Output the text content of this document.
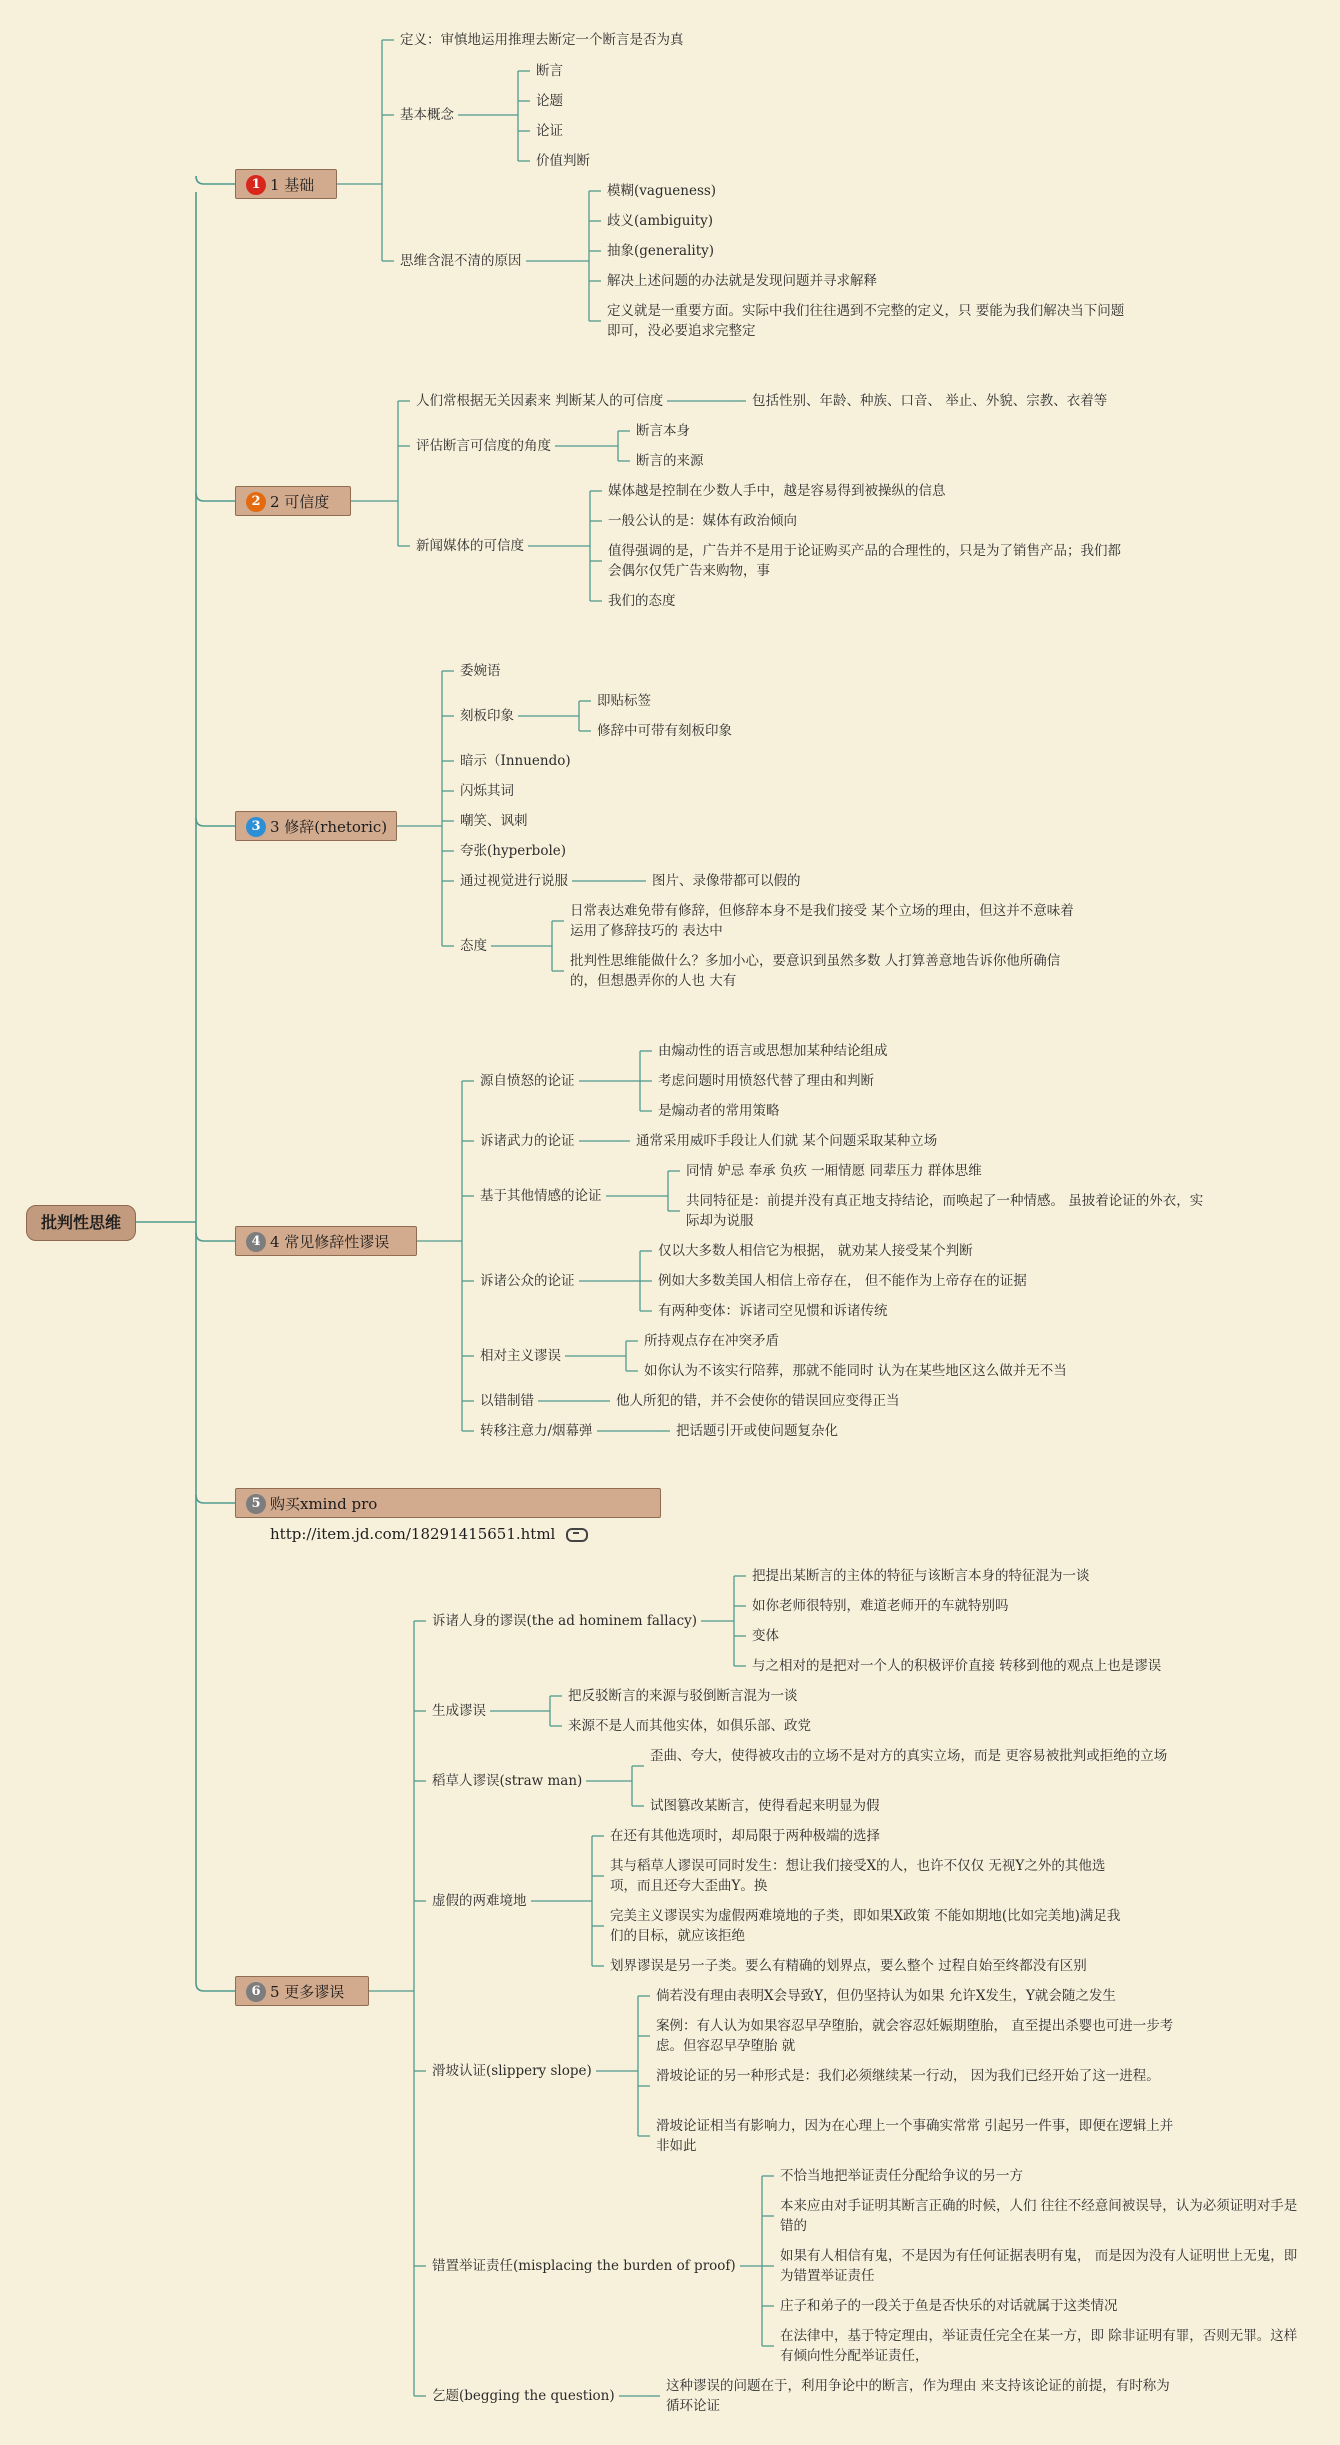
批判性思维
1 1 基础
2 2 可信度
3 3 修辞(rhetoric)
4 4 常见修辞性谬误
5 购买xmind pro http://item.jd.com/18291415651.html
6 5 更多谬误
定义：审慎地运用推理去断定一个断言是否为真
基本概念
断言
论题
论证
价值判断
思维含混不清的原因
模糊(vagueness)
歧义(ambiguity)
抽象(generality)
解决上述问题的办法就是发现问题并寻求解释
定义就是一重要方面。实际中我们往往遇到不完整的定义，只 要能为我们解决当下问题即可，没必要追求完整定
人们常根据无关因素来 判断某人的可信度	包括性别、年龄、种族、口音、 举止、外貌、宗教、衣着等
评估断言可信度的角度
断言本身
断言的来源
新闻媒体的可信度
媒体越是控制在少数人手中，越是容易得到被操纵的信息
一般公认的是：媒体有政治倾向
值得强调的是，广告并不是用于论证购买产品的合理性的，只是为了销售产品；我们都会偶尔仅凭广告来购物，事
我们的态度
委婉语
刻板印象
即贴标签
修辞中可带有刻板印象
暗示（Innuendo)
闪烁其词
嘲笑、讽刺
夸张(hyperbole)
通过视觉进行说服	图片、录像带都可以假的
态度
日常表达难免带有修辞，但修辞本身不是我们接受 某个立场的理由，但这并不意味着运用了修辞技巧的 表达中
批判性思维能做什么？多加小心，要意识到虽然多数 人打算善意地告诉你他所确信的，但想愚弄你的人也 大有
源自愤怒的论证
由煽动性的语言或思想加某种结论组成
考虑问题时用愤怒代替了理由和判断
是煽动者的常用策略
诉诸武力的论证	通常采用威吓手段让人们就 某个问题采取某种立场
基于其他情感的论证
同情 妒忌 奉承 负疚 一厢情愿 同辈压力 群体思维
共同特征是：前提并没有真正地支持结论，而唤起了一种情感。 虽披着论证的外衣，实际却为说服
诉诸公众的论证
仅以大多数人相信它为根据， 就劝某人接受某个判断
例如大多数美国人相信上帝存在， 但不能作为上帝存在的证据
有两种变体：诉诸司空见惯和诉诸传统
相对主义谬误
所持观点存在冲突矛盾
如你认为不该实行陪葬，那就不能同时 认为在某些地区这么做并无不当
以错制错	他人所犯的错，并不会使你的错误回应变得正当
转移注意力/烟幕弹	把话题引开或使问题复杂化
诉诸人身的谬误(the ad hominem fallacy)
把提出某断言的主体的特征与该断言本身的特征混为一谈
如你老师很特别，难道老师开的车就特别吗
变体
与之相对的是把对一个人的积极评价直接 转移到他的观点上也是谬误
生成谬误
把反驳断言的来源与驳倒断言混为一谈
来源不是人而其他实体，如俱乐部、政党
稻草人谬误(straw man)
歪曲、夸大，使得被攻击的立场不是对方的真实立场，而是 更容易被批判或拒绝的立场
试图篡改某断言，使得看起来明显为假
虚假的两难境地
在还有其他选项时，却局限于两种极端的选择
其与稻草人谬误可同时发生：想让我们接受X的人，也许不仅仅 无视Y之外的其他选项，而且还夸大歪曲Y。换
完美主义谬误实为虚假两难境地的子类，即如果X政策 不能如期地(比如完美地)满足我们的目标，就应该拒绝
划界谬误是另一子类。要么有精确的划界点，要么整个 过程自始至终都没有区别
滑坡认证(slippery slope)
倘若没有理由表明X会导致Y，但仍坚持认为如果 允许X发生，Y就会随之发生
案例：有人认为如果容忍早孕堕胎，就会容忍妊娠期堕胎， 直至提出杀婴也可进一步考虑。但容忍早孕堕胎 就
滑坡论证的另一种形式是：我们必须继续某一行动， 因为我们已经开始了这一进程。
滑坡论证相当有影响力，因为在心理上一个事确实常常 引起另一件事，即便在逻辑上并非如此
错置举证责任(misplacing the burden of proof)
不恰当地把举证责任分配给争议的另一方
本来应由对手证明其断言正确的时候，人们 往往不经意间被误导，认为必须证明对手是错的
如果有人相信有鬼，不是因为有任何证据表明有鬼， 而是因为没有人证明世上无鬼，即为错置举证责任
庄子和弟子的一段关于鱼是否快乐的对话就属于这类情况
在法律中，基于特定理由，举证责任完全在某一方，即 除非证明有罪，否则无罪。这样有倾向性分配举证责任，
乞题(begging the question)
这种谬误的问题在于，利用争论中的断言，作为理由 来支持该论证的前提，有时称为循环论证
